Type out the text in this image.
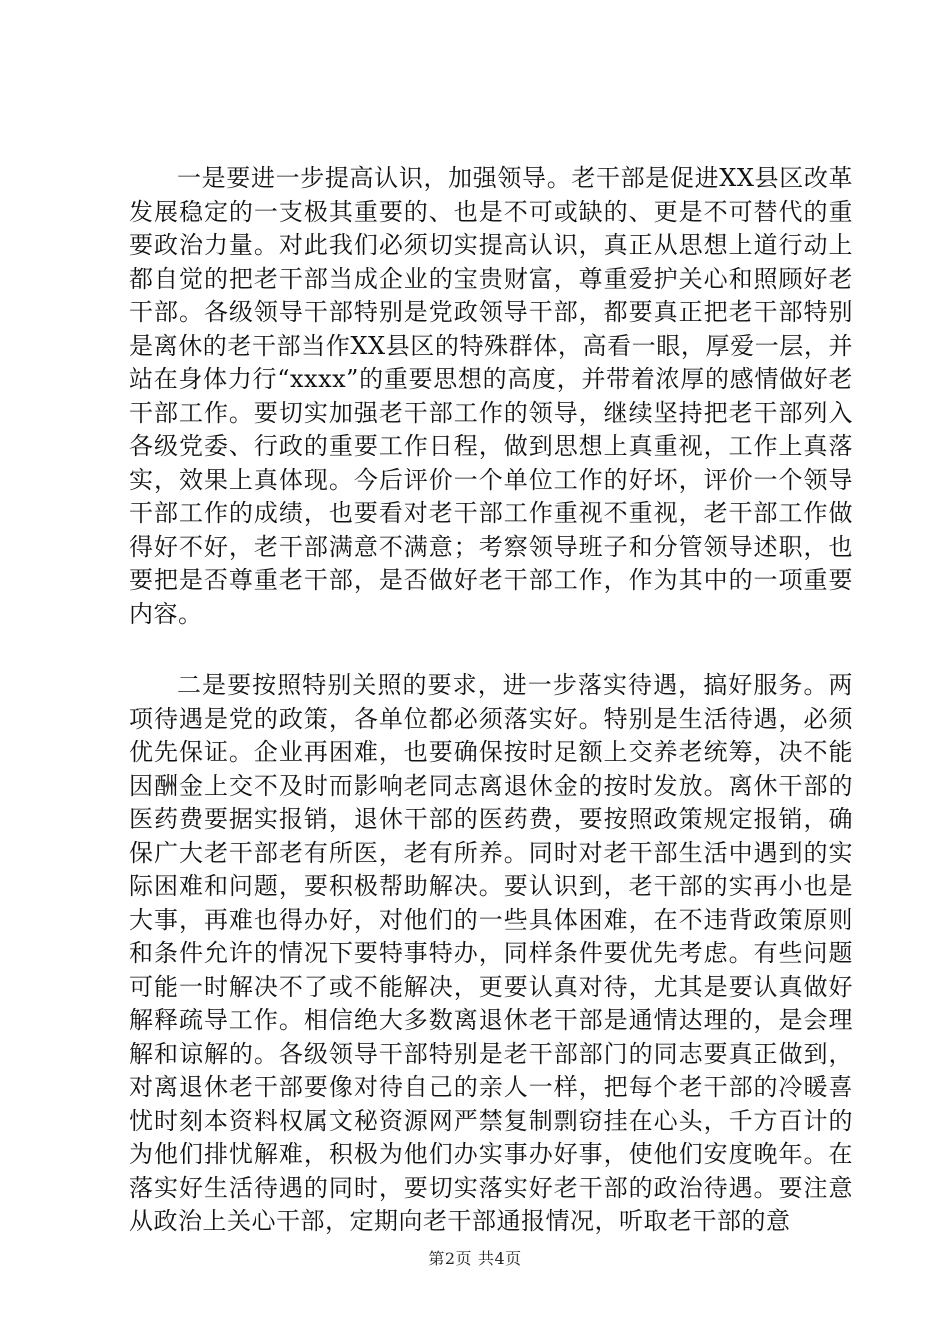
一是要进一步提高认识，加强领导。老干部是促进XX县区改革发展稳定的一支极其重要的、也是不可或缺的、更是不可替代的重要政治力量。对此我们必须切实提高认识，真正从思想上道行动上都自觉的把老干部当成企业的宝贵财富，尊重爱护关心和照顾好老干部。各级领导干部特别是党政领导干部，都要真正把老干部特别是离休的老干部当作XX县区的特殊群体，高看一眼，厚爱一层，并站在身体力行“xxxx”的重要思想的高度，并带着浓厚的感情做好老干部工作。要切实加强老干部工作的领导，继续坚持把老干部列入各级党委、行政的重要工作日程，做到思想上真重视，工作上真落实，效果上真体现。今后评价一个单位工作的好坏，评价一个领导干部工作的成绩，也要看对老干部工作重视不重视，老干部工作做得好不好，老干部满意不满意；考察领导班子和分管领导述职，也要把是否尊重老干部，是否做好老干部工作，作为其中的一项重要内容。

二是要按照特别关照的要求，进一步落实待遇，搞好服务。两项待遇是党的政策，各单位都必须落实好。特别是生活待遇，必须优先保证。企业再困难，也要确保按时足额上交养老统筹，决不能因酬金上交不及时而影响老同志离退休金的按时发放。离休干部的医药费要据实报销，退休干部的医药费，要按照政策规定报销，确保广大老干部老有所医，老有所养。同时对老干部生活中遇到的实际困难和问题，要积极帮助解决。要认识到，老干部的实再小也是大事，再难也得办好，对他们的一些具体困难，在不违背政策原则和条件允许的情况下要特事特办，同样条件要优先考虑。有些问题可能一时解决不了或不能解决，更要认真对待，尤其是要认真做好解释疏导工作。相信绝大多数离退休老干部是通情达理的，是会理解和谅解的。各级领导干部特别是老干部部门的同志要真正做到，对离退休老干部要像对待自己的亲人一样，把每个老干部的冷暖喜忧时刻本资料权属文秘资源网严禁复制剽窃挂在心头，千方百计的为他们排忧解难，积极为他们办实事办好事，使他们安度晚年。在落实好生活待遇的同时，要切实落实好老干部的政治待遇。要注意从政治上关心干部，定期向老干部通报情况，听取老干部的意

第2页 共4页
